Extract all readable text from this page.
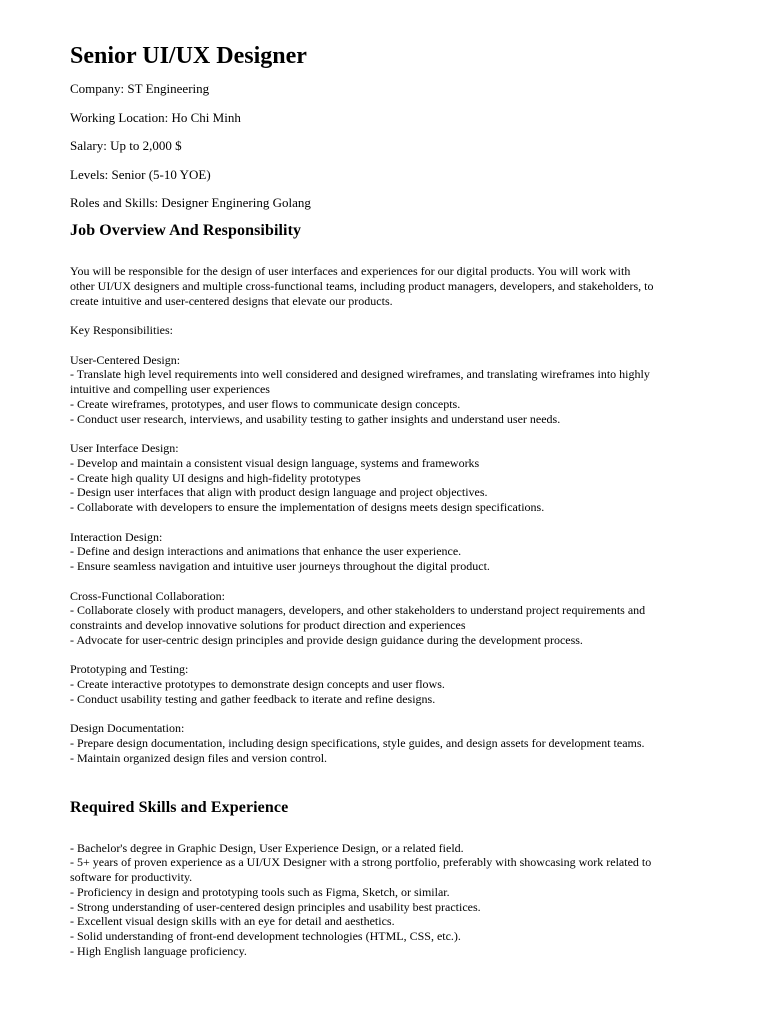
Senior UI/UX Designer

Company: ST Engineering

Working Location: Ho Chi Minh

Salary: Up to 2,000 $

Levels: Senior (5-10 YOE)

Roles and Skills: Designer Enginering Golang

Job Overview And Responsibility

You will be responsible for the design of user interfaces and experiences for our digital products. You will work with
other UI/UX designers and multiple cross-functional teams, including product managers, developers, and stakeholders, to
create intuitive and user-centered designs that elevate our products.

Key Responsibilities:

User-Centered Design:
- Translate high level requirements into well considered and designed wireframes, and translating wireframes into highly
intuitive and compelling user experiences
- Create wireframes, prototypes, and user flows to communicate design concepts.
- Conduct user research, interviews, and usability testing to gather insights and understand user needs.
User Interface Design:
- Develop and maintain a consistent visual design language, systems and frameworks
- Create high quality UI designs and high-fidelity prototypes
- Design user interfaces that align with product design language and project objectives.
- Collaborate with developers to ensure the implementation of designs meets design specifications.
Interaction Design:
- Define and design interactions and animations that enhance the user experience.
- Ensure seamless navigation and intuitive user journeys throughout the digital product.
Cross-Functional Collaboration:
- Collaborate closely with product managers, developers, and other stakeholders to understand project requirements and
constraints and develop innovative solutions for product direction and experiences
- Advocate for user-centric design principles and provide design guidance during the development process.
Prototyping and Testing:
- Create interactive prototypes to demonstrate design concepts and user flows.
- Conduct usability testing and gather feedback to iterate and refine designs.
Design Documentation:
- Prepare design documentation, including design specifications, style guides, and design assets for development teams.
- Maintain organized design files and version control.
Required Skills and Experience
- Bachelor's degree in Graphic Design, User Experience Design, or a related field.
- 5+ years of proven experience as a UI/UX Designer with a strong portfolio, preferably with showcasing work related to
software for productivity.
- Proficiency in design and prototyping tools such as Figma, Sketch, or similar.
- Strong understanding of user-centered design principles and usability best practices.
- Excellent visual design skills with an eye for detail and aesthetics.
- Solid understanding of front-end development technologies (HTML, CSS, etc.).
- High English language proficiency.
